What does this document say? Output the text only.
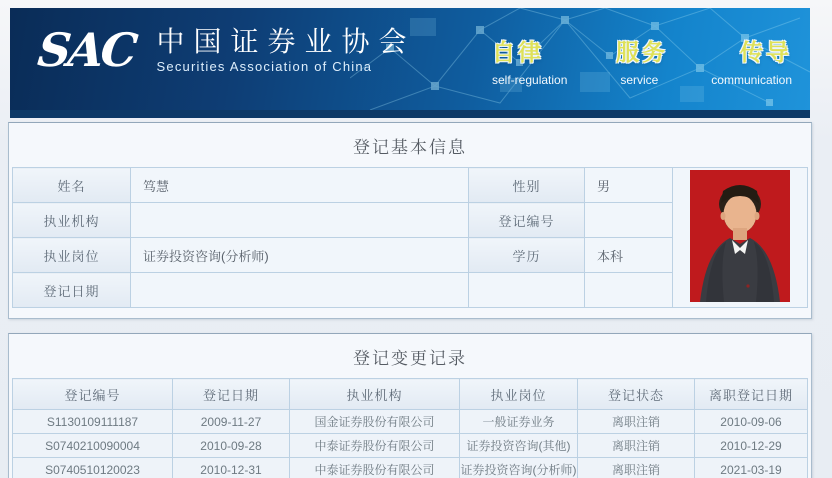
SAC 中国证券业协会
Securities Association of China
自律	服务	传导
self-regulation	service	communication
登记基本信息
姓名	笃慧	性别	男	
执业机构		登记编号		
执业岗位	证券投资咨询(分析师)	学历	本科	
登记日期				
登记变更记录
登记编号	登记日期	执业机构	执业岗位	登记状态	离职登记日期
S1130109111187	2009-11-27	国金证券股份有限公司	一般证券业务	离职注销	2010-09-06
S0740210090004	2010-09-28	中泰证券股份有限公司	证券投资咨询(其他)	离职注销	2010-12-29
S0740510120023	2010-12-31	中泰证券股份有限公司	证券投资咨询(分析师)	离职注销	2021-03-19
